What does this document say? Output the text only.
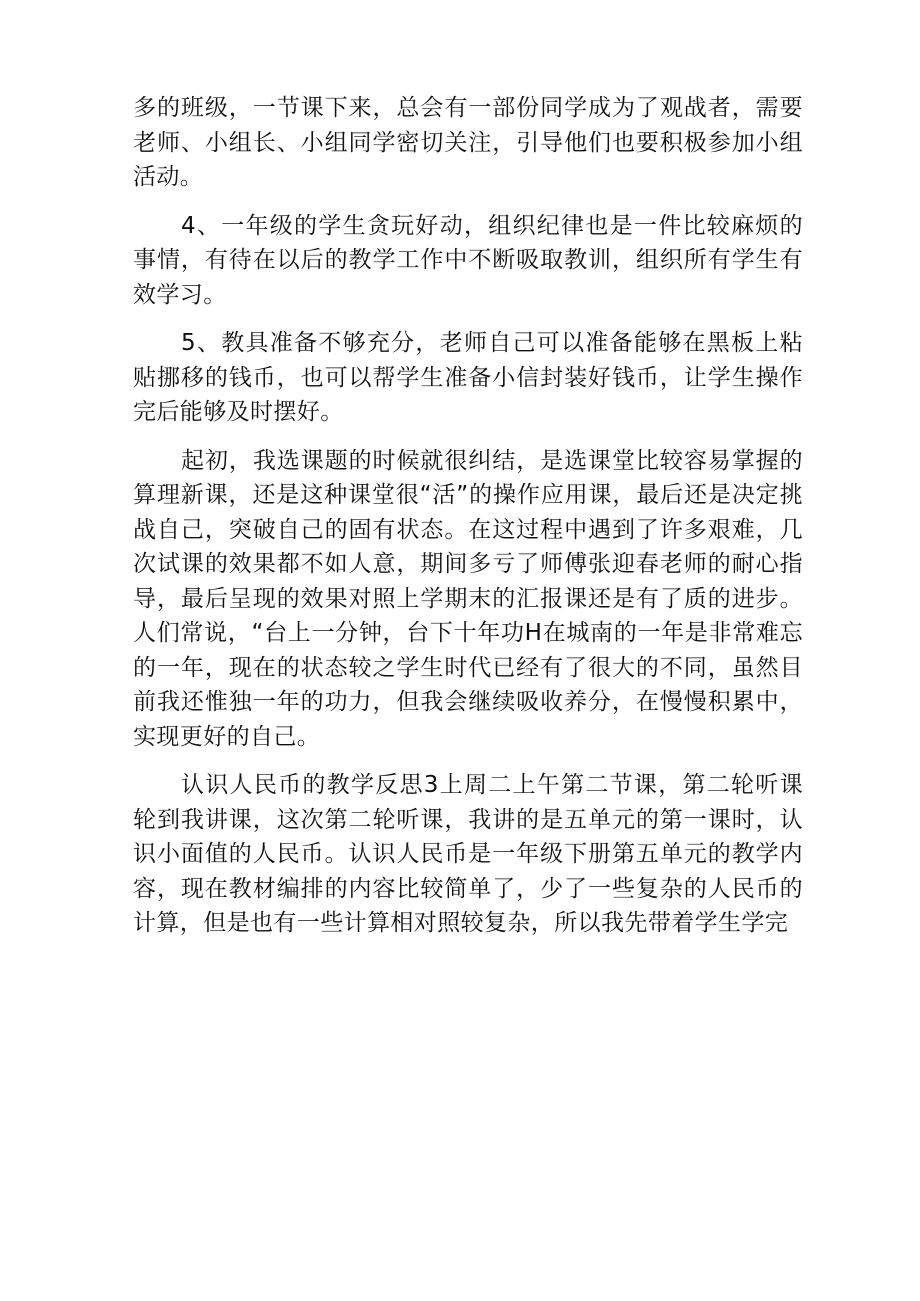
多的班级，一节课下来，总会有一部份同学成为了观战者，需要老师、小组长、小组同学密切关注，引导他们也要积极参加小组活动。

4、一年级的学生贪玩好动，组织纪律也是一件比较麻烦的事情，有待在以后的教学工作中不断吸取教训，组织所有学生有效学习。

5、教具准备不够充分，老师自己可以准备能够在黑板上粘贴挪移的钱币，也可以帮学生准备小信封装好钱币，让学生操作完后能够及时摆好。

起初，我选课题的时候就很纠结，是选课堂比较容易掌握的算理新课，还是这种课堂很“活”的操作应用课，最后还是决定挑战自己，突破自己的固有状态。在这过程中遇到了许多艰难，几次试课的效果都不如人意，期间多亏了师傅张迎春老师的耐心指导，最后呈现的效果对照上学期末的汇报课还是有了质的进步。人们常说，“台上一分钟，台下十年功H在城南的一年是非常难忘的一年，现在的状态较之学生时代已经有了很大的不同，虽然目前我还惟独一年的功力，但我会继续吸收养分，在慢慢积累中，实现更好的自己。

认识人民币的教学反思3上周二上午第二节课，第二轮听课轮到我讲课，这次第二轮听课，我讲的是五单元的第一课时，认识小面值的人民币。认识人民币是一年级下册第五单元的教学内容，现在教材编排的内容比较简单了，少了一些复杂的人民币的计算，但是也有一些计算相对照较复杂，所以我先带着学生学完
